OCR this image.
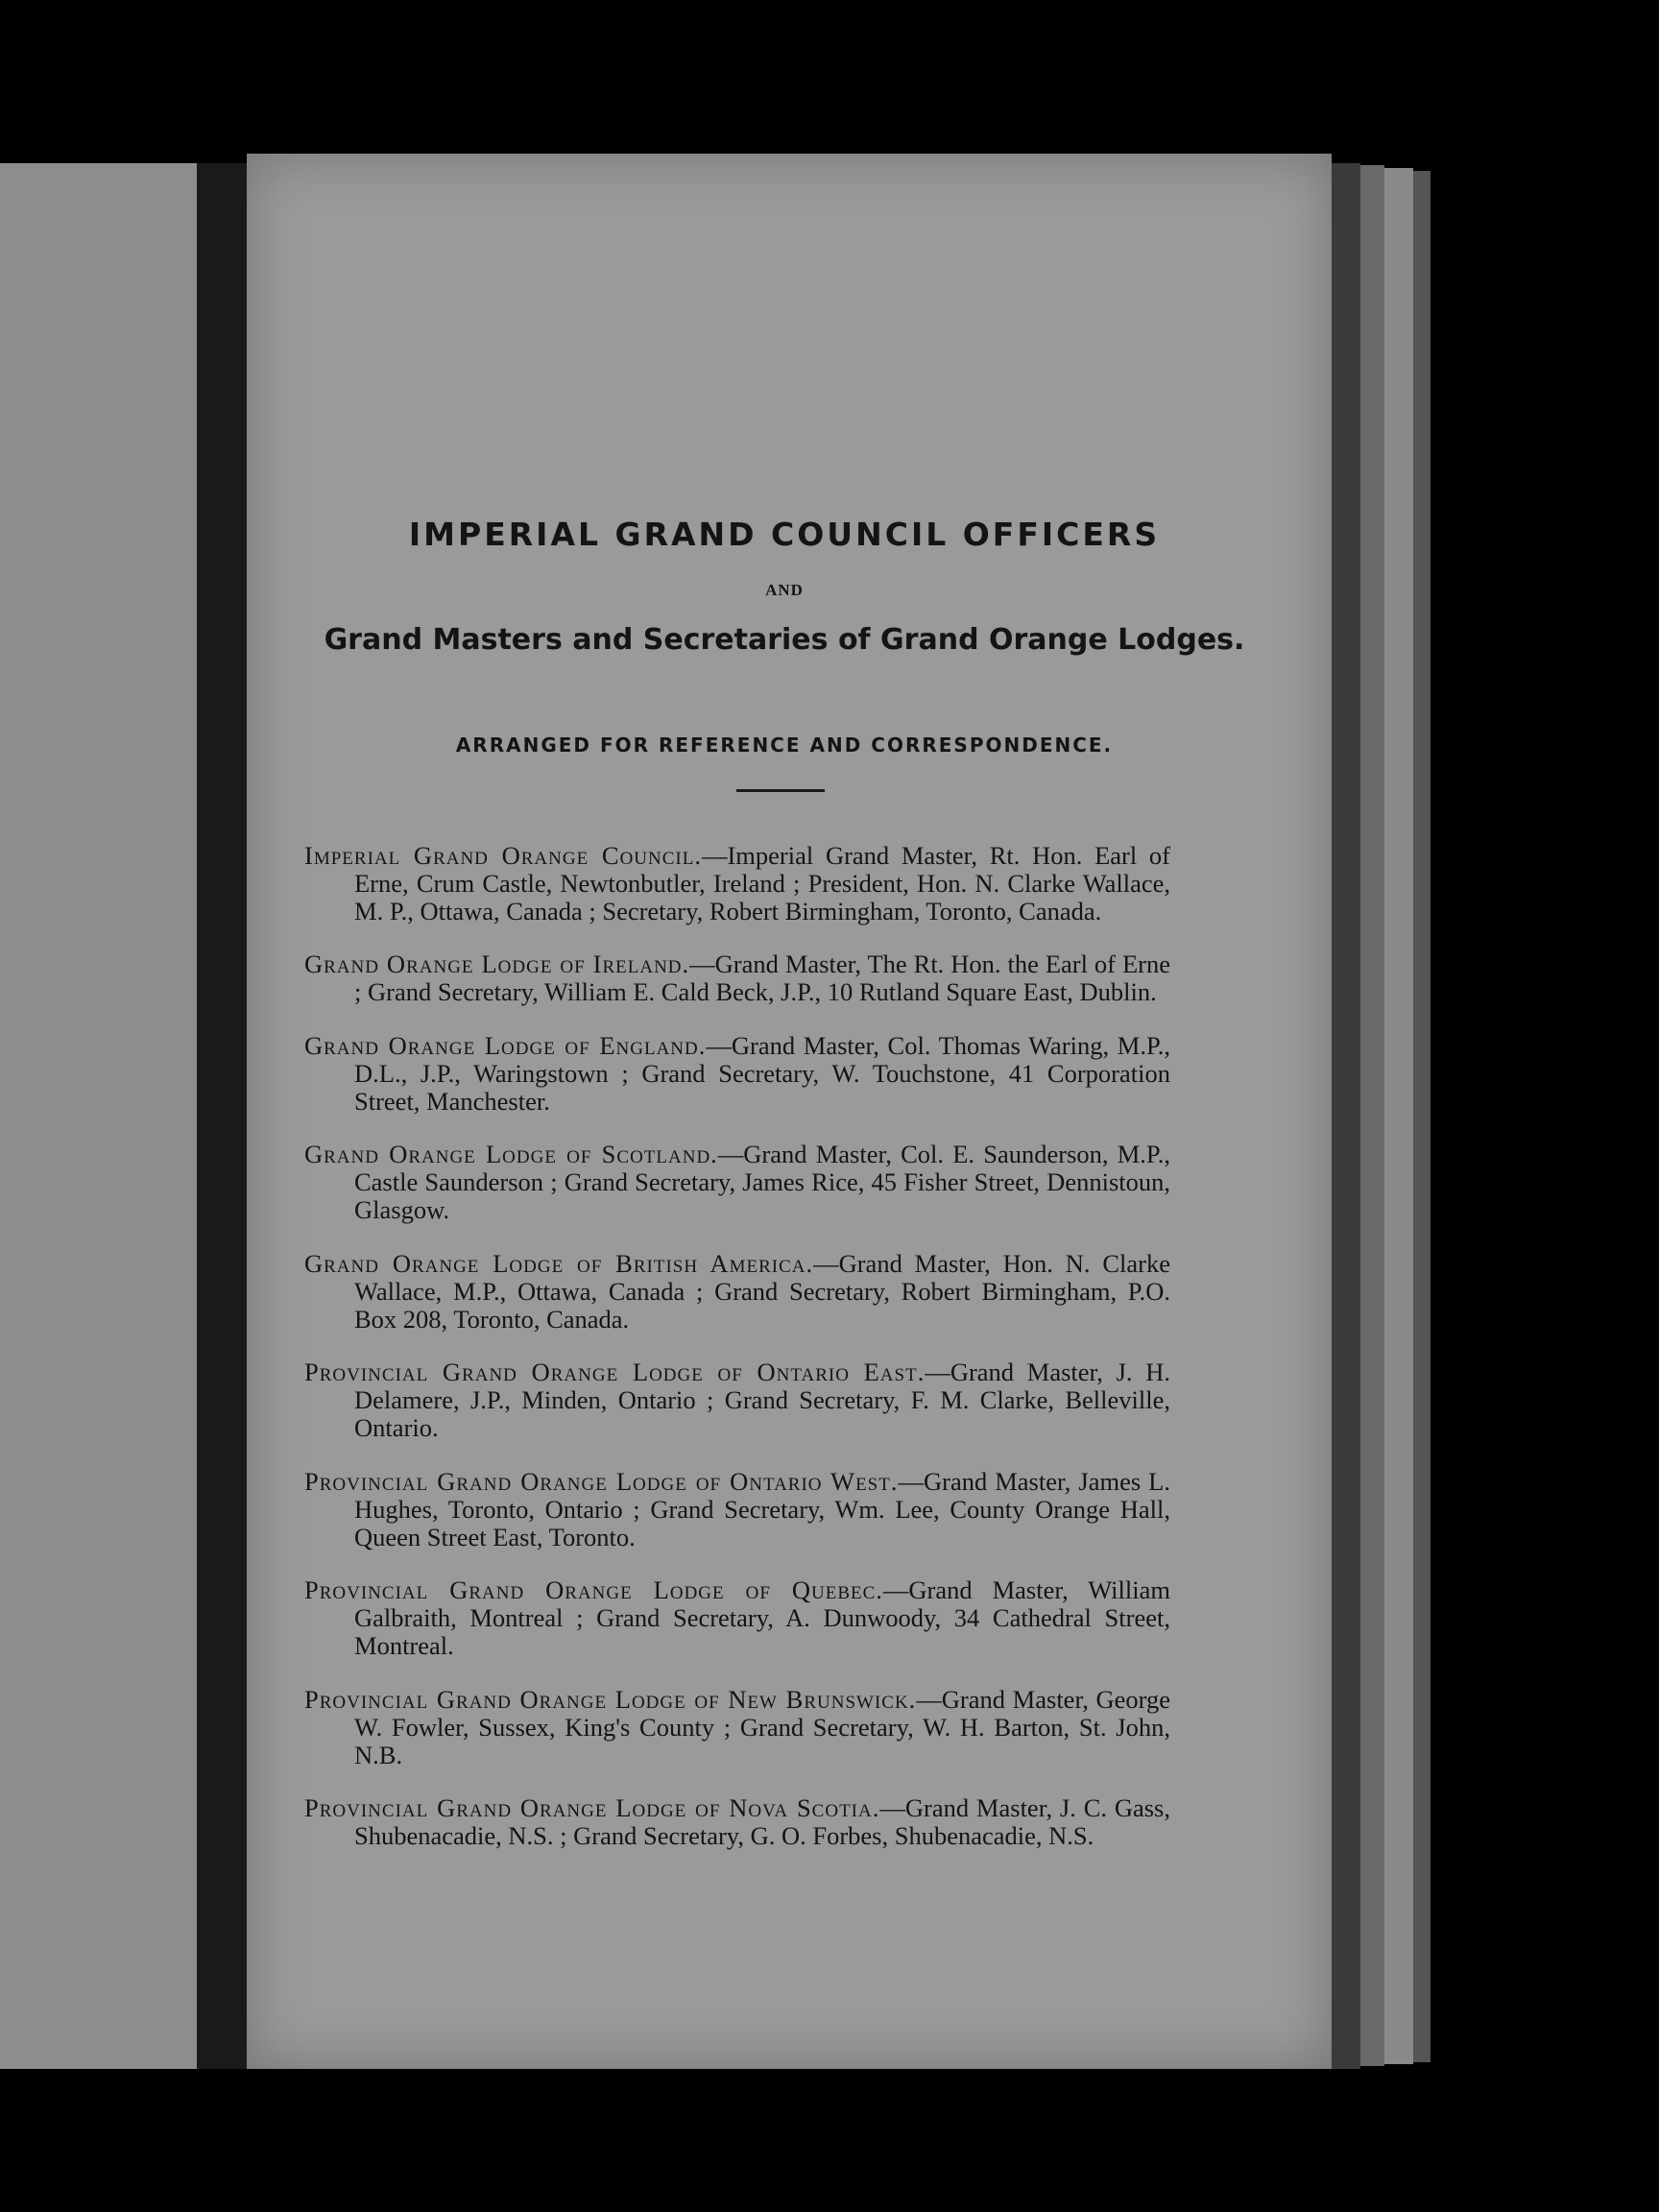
IMPERIAL GRAND COUNCIL OFFICERS
AND
Grand Masters and Secretaries of Grand Orange Lodges.
ARRANGED FOR REFERENCE AND CORRESPONDENCE.

Imperial Grand Orange Council.—Imperial Grand Master, Rt. Hon. Earl of Erne, Crum Castle, Newtonbutler, Ireland ; President, Hon. N. Clarke Wallace, M. P., Ottawa, Canada ; Secretary, Robert Birmingham, Toronto, Canada.

Grand Orange Lodge of Ireland.—Grand Master, The Rt. Hon. the Earl of Erne ; Grand Secretary, William E. Cald Beck, J.P., 10 Rutland Square East, Dublin.

Grand Orange Lodge of England.—Grand Master, Col. Thomas Waring, M.P., D.L., J.P., Waringstown ; Grand Secretary, W. Touchstone, 41 Corporation Street, Manchester.

Grand Orange Lodge of Scotland.—Grand Master, Col. E. Saunderson, M.P., Castle Saunderson ; Grand Secretary, James Rice, 45 Fisher Street, Dennistoun, Glasgow.

Grand Orange Lodge of British America.—Grand Master, Hon. N. Clarke Wallace, M.P., Ottawa, Canada ; Grand Secretary, Robert Birmingham, P.O. Box 208, Toronto, Canada.

Provincial Grand Orange Lodge of Ontario East.—Grand Master, J. H. Delamere, J.P., Minden, Ontario ; Grand Secretary, F. M. Clarke, Belleville, Ontario.

Provincial Grand Orange Lodge of Ontario West.—Grand Master, James L. Hughes, Toronto, Ontario ; Grand Secretary, Wm. Lee, County Orange Hall, Queen Street East, Toronto.

Provincial Grand Orange Lodge of Quebec.—Grand Master, William Galbraith, Montreal ; Grand Secretary, A. Dunwoody, 34 Cathedral Street, Montreal.

Provincial Grand Orange Lodge of New Brunswick.—Grand Master, George W. Fowler, Sussex, King's County ; Grand Secretary, W. H. Barton, St. John, N.B.

Provincial Grand Orange Lodge of Nova Scotia.—Grand Master, J. C. Gass, Shubenacadie, N.S. ; Grand Secretary, G. O. Forbes, Shubenacadie, N.S.
